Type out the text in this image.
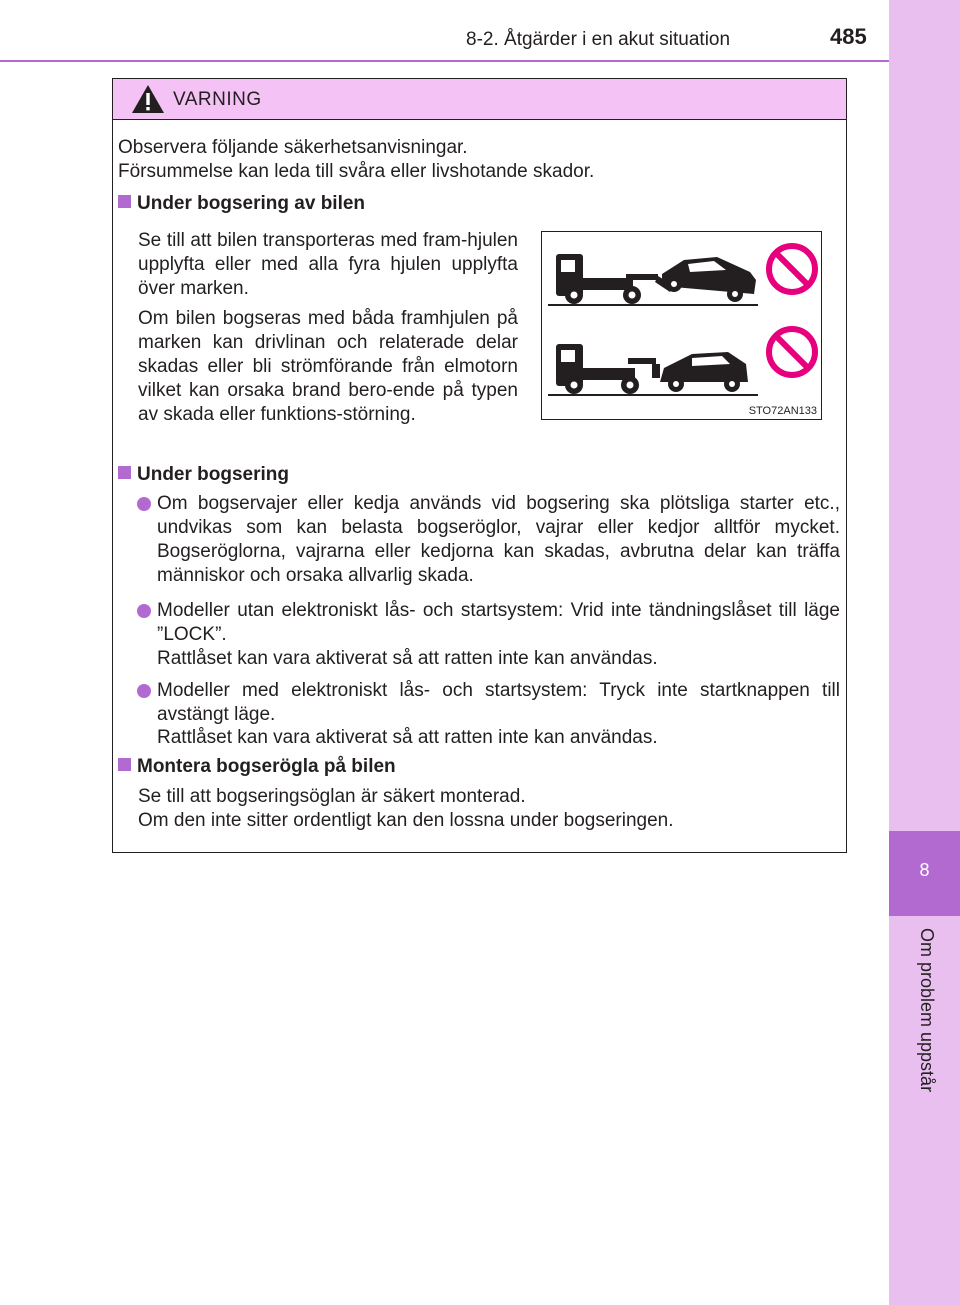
8
Om problem uppstår
8-2. Åtgärder i en akut situation	485
VARNING
Observera följande säkerhetsanvisningar.
Försummelse kan leda till svåra eller livshotande skador.
Under bogsering av bilen
Se till att bilen transporteras med fram-hjulen upplyfta eller med alla fyra hjulen upplyfta över marken.
Om bilen bogseras med båda framhjulen på marken kan drivlinan och relaterade delar skadas eller bli strömförande från elmotorn vilket kan orsaka brand bero-ende på typen av skada eller funktions-störning.	STO72AN133
Under bogsering
Om bogservajer eller kedja används vid bogsering ska plötsliga starter etc., undvikas som kan belasta bogseröglor, vajrar eller kedjor alltför mycket. Bogseröglorna, vajrarna eller kedjorna kan skadas, avbrutna delar kan träffa människor och orsaka allvarlig skada.
Modeller utan elektroniskt lås- och startsystem: Vrid inte tändningslåset till läge ”LOCK”.
Rattlåset kan vara aktiverat så att ratten inte kan användas.
Modeller med elektroniskt lås- och startsystem: Tryck inte startknappen till avstängt läge.
Rattlåset kan vara aktiverat så att ratten inte kan användas.
Montera bogserögla på bilen
Se till att bogseringsöglan är säkert monterad.
Om den inte sitter ordentligt kan den lossna under bogseringen.
